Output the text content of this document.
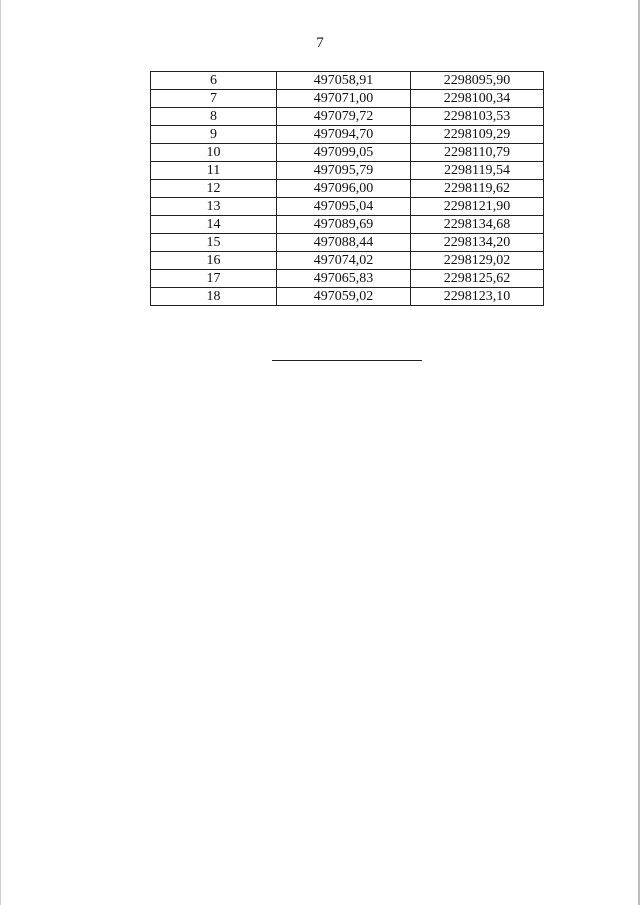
7
6	497058,91	2298095,90
7	497071,00	2298100,34
8	497079,72	2298103,53
9	497094,70	2298109,29
10	497099,05	2298110,79
11	497095,79	2298119,54
12	497096,00	2298119,62
13	497095,04	2298121,90
14	497089,69	2298134,68
15	497088,44	2298134,20
16	497074,02	2298129,02
17	497065,83	2298125,62
18	497059,02	2298123,10
